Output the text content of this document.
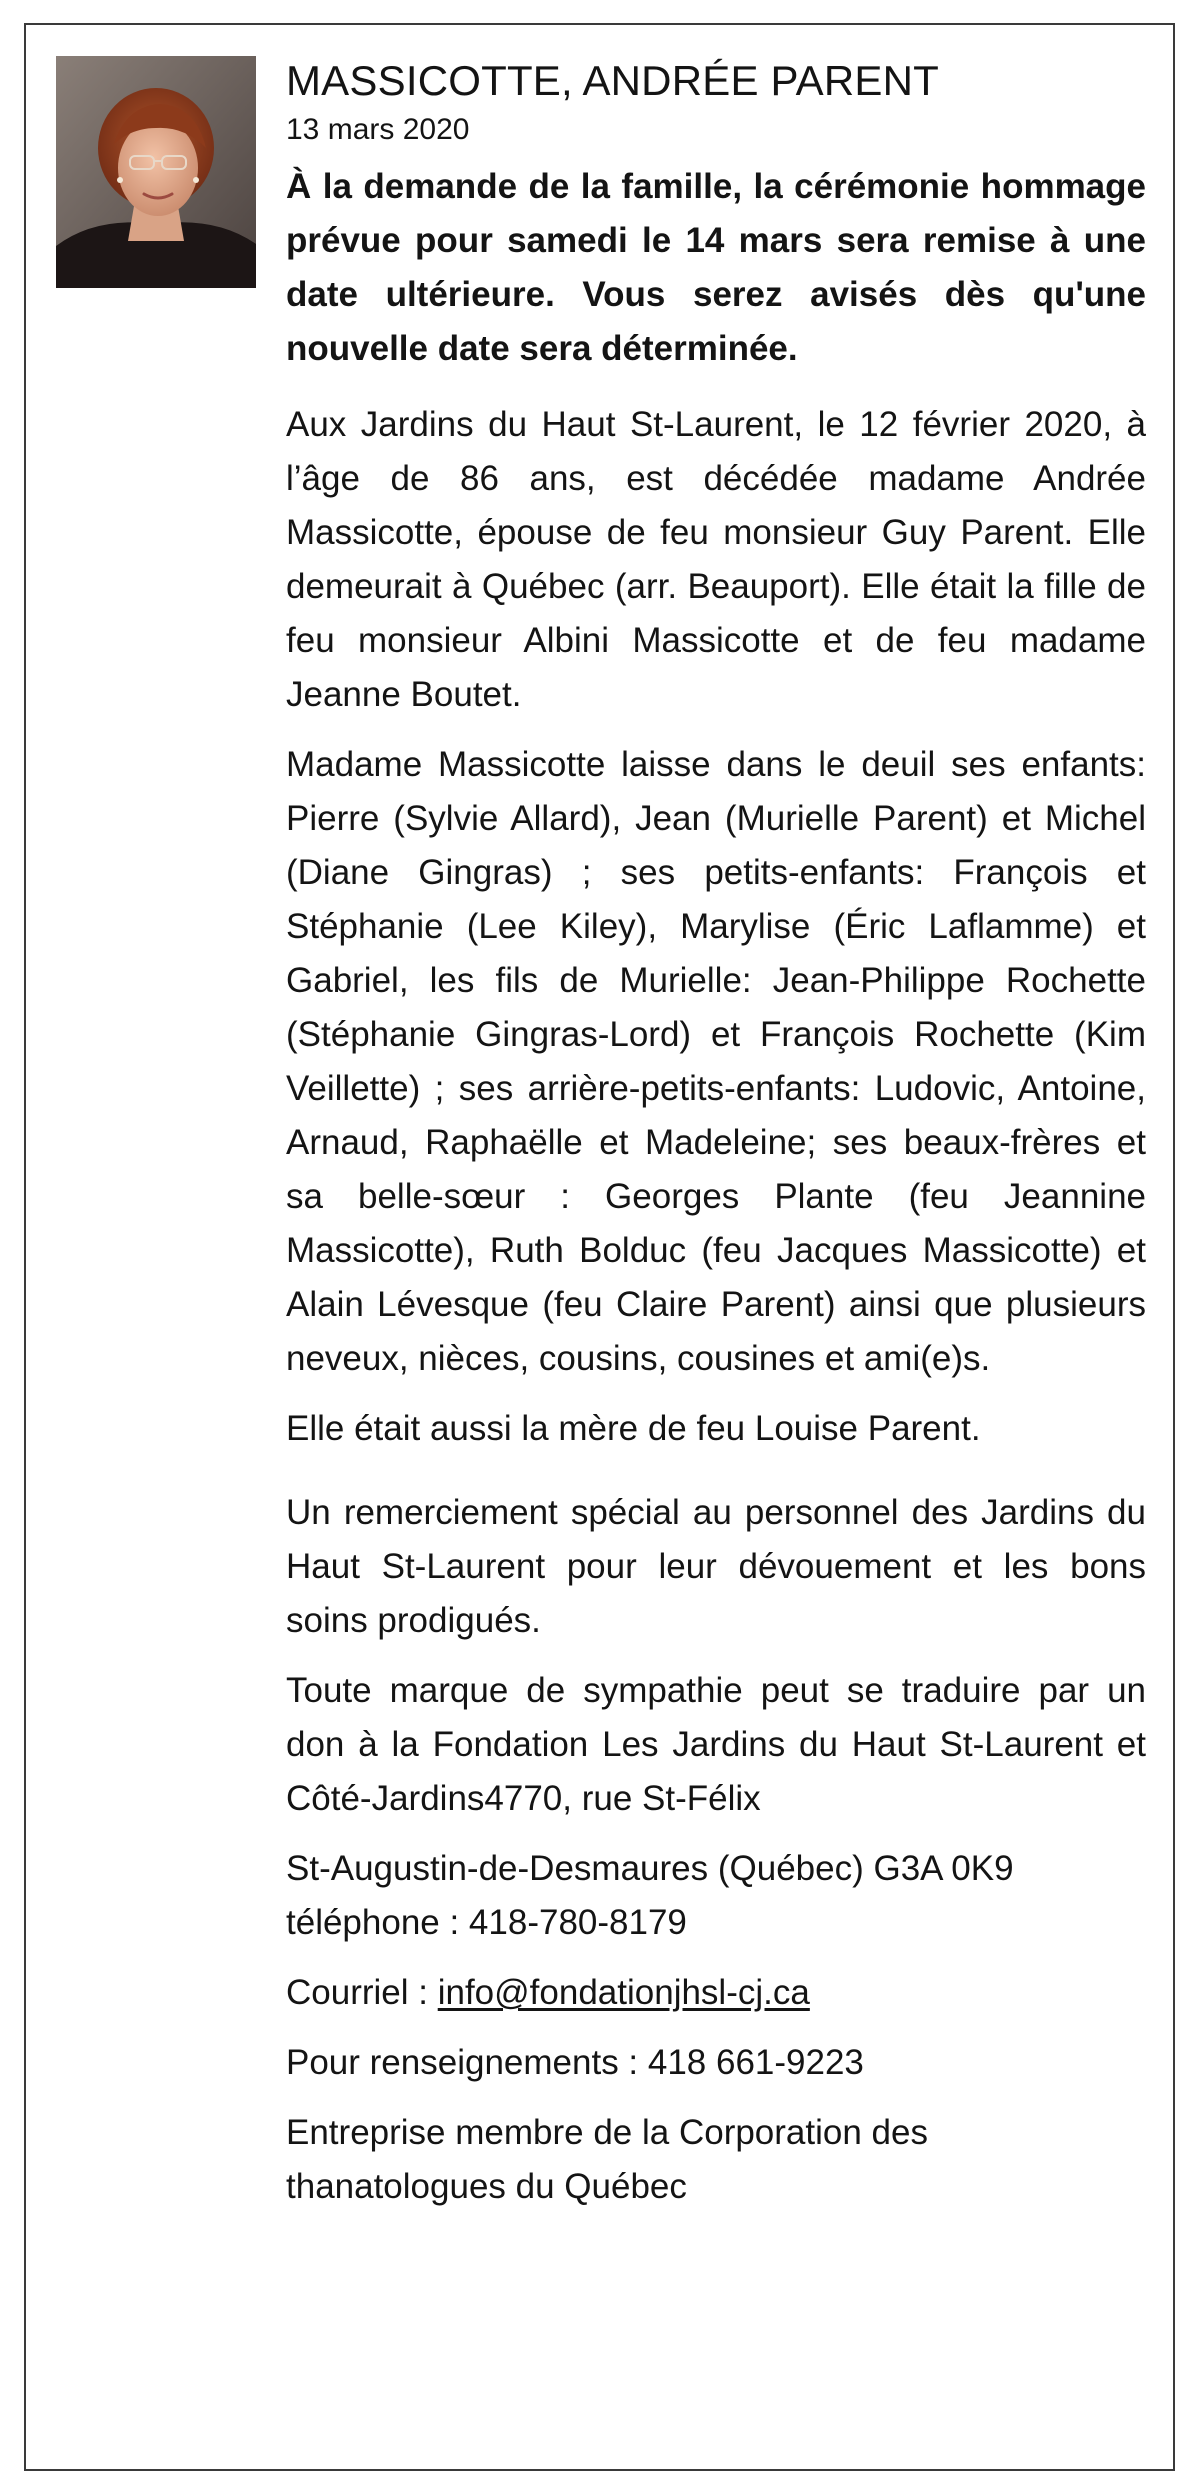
MASSICOTTE, ANDRÉE PARENT
13 mars 2020

À la demande de la famille, la cérémonie hommage prévue pour samedi le 14 mars sera remise à une date ultérieure. Vous serez avisés dès qu'une nouvelle date sera déterminée.

Aux Jardins du Haut St-Laurent, le 12 février 2020, à l’âge de 86 ans, est décédée madame Andrée Massicotte, épouse de feu monsieur Guy Parent. Elle demeurait à Québec (arr. Beauport). Elle était la fille de feu monsieur Albini Massicotte et de feu madame Jeanne Boutet.

Madame Massicotte laisse dans le deuil ses enfants: Pierre (Sylvie Allard), Jean (Murielle Parent) et Michel (Diane Gingras) ; ses petits-enfants: François et Stéphanie (Lee Kiley), Marylise (Éric Laflamme) et Gabriel, les fils de Murielle: Jean-Philippe Rochette (Stéphanie Gingras-Lord) et François Rochette (Kim Veillette) ; ses arrière-petits-enfants: Ludovic, Antoine, Arnaud, Raphaëlle et Madeleine; ses beaux-frères et sa belle-sœur : Georges Plante (feu Jeannine Massicotte), Ruth Bolduc (feu Jacques Massicotte) et Alain Lévesque (feu Claire Parent) ainsi que plusieurs neveux, nièces, cousins, cousines et ami(e)s.

Elle était aussi la mère de feu Louise Parent.

Un remerciement spécial au personnel des Jardins du Haut St-Laurent pour leur dévouement et les bons soins prodigués.

Toute marque de sympathie peut se traduire par un don à la Fondation Les Jardins du Haut St-Laurent et Côté-Jardins4770, rue St-Félix

St-Augustin-de-Desmaures (Québec) G3A 0K9
téléphone : 418-780-8179

Courriel : info@fondationjhsl-cj.ca

Pour renseignements : 418 661-9223

Entreprise membre de la Corporation des thanatologues du Québec
